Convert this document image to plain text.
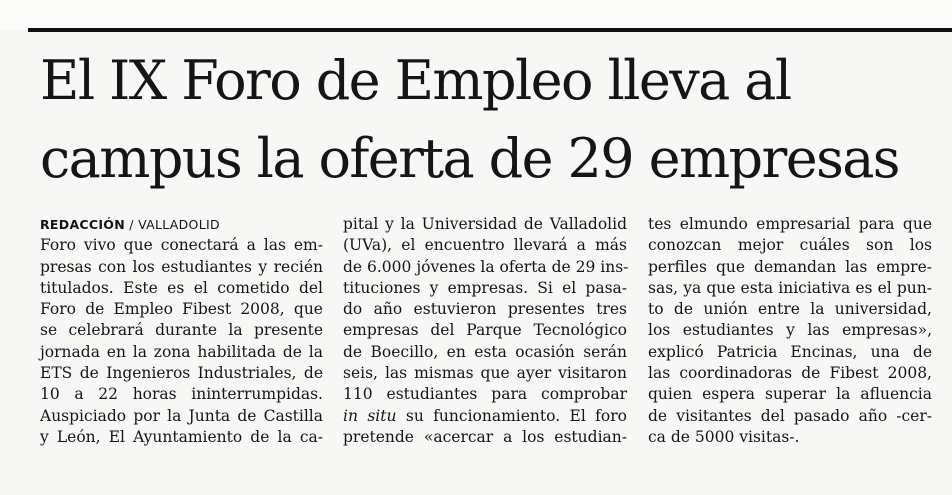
El IX Foro de Empleo lleva al
campus la oferta de 29 empresas

REDACCIÓN / VALLADOLID

Foro vivo que conectará a las em-
presas con los estudiantes y recién
titulados. Este es el cometido del
Foro de Empleo Fibest 2008, que
se celebrará durante la presente
jornada en la zona habilitada de la
ETS de Ingenieros Industriales, de
10 a 22 horas ininterrumpidas.
Auspiciado por la Junta de Castilla
y León, El Ayuntamiento de la ca-

pital y la Universidad de Valladolid
(UVa), el encuentro llevará a más
de 6.000 jóvenes la oferta de 29 ins-
tituciones y empresas. Si el pasa-
do año estuvieron presentes tres
empresas del Parque Tecnológico
de Boecillo, en esta ocasión serán
seis, las mismas que ayer visitaron
110 estudiantes para comprobar
in situ su funcionamiento. El foro
pretende «acercar a los estudian-

tes elmundo empresarial para que
conozcan mejor cuáles son los
perfiles que demandan las empre-
sas, ya que esta iniciativa es el pun-
to de unión entre la universidad,
los estudiantes y las empresas»,
explicó Patricia Encinas, una de
las coordinadoras de Fibest 2008,
quien espera superar la afluencia
de visitantes del pasado año -cer-
ca de 5000 visitas-.
